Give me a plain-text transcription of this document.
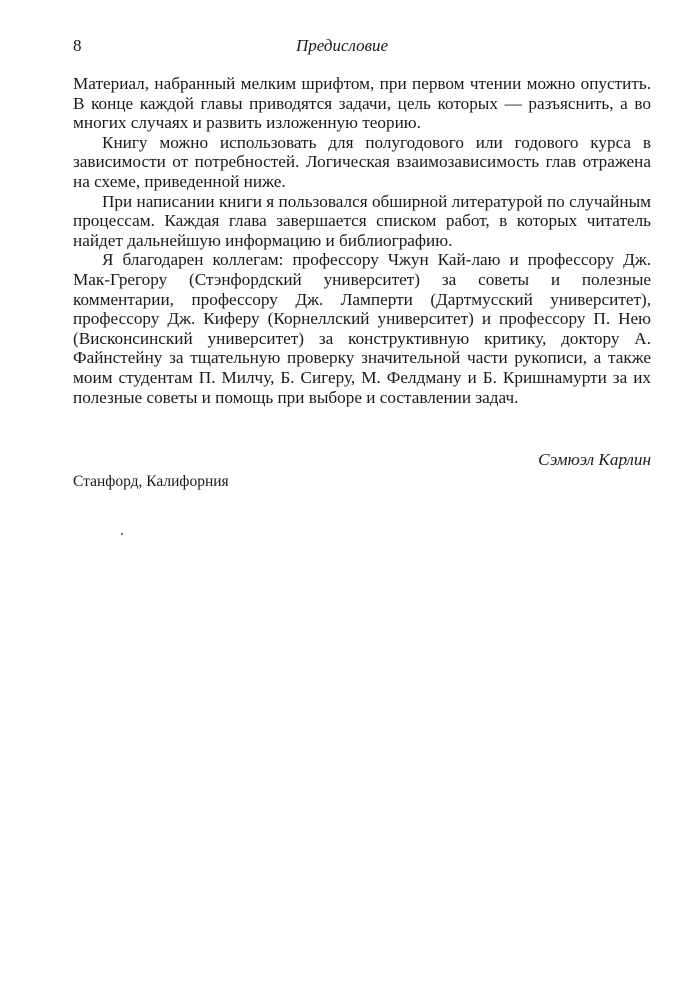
8	Предисловие

Материал, набранный мелким шрифтом, при первом чтении можно опустить. В конце каждой главы приводятся задачи, цель которых — разъяснить, а во многих случаях и развить изложенную теорию.

Книгу можно использовать для полугодового или годового курса в зависимости от потребностей. Логическая взаимозависимость глав отражена на схеме, приведенной ниже.

При написании книги я пользовался обширной литературой по случайным процессам. Каждая глава завершается списком работ, в которых читатель найдет дальнейшую информацию и библиографию.

Я благодарен коллегам: профессору Чжун Кай-лаю и профессору Дж. Мак-Грегору (Стэнфордский университет) за советы и полезные комментарии, профессору Дж. Ламперти (Дартмусский университет), профессору Дж. Киферу (Корнеллский университет) и профессору П. Нею (Висконсинский университет) за конструктивную критику, доктору А. Файнстейну за тщательную проверку значительной части рукописи, а также моим студентам П. Милчу, Б. Сигеру, М. Фелдману и Б. Кришнамурти за их полезные советы и помощь при выборе и составлении задач.

Сэмюэл Карлин
Станфорд, Калифорния
